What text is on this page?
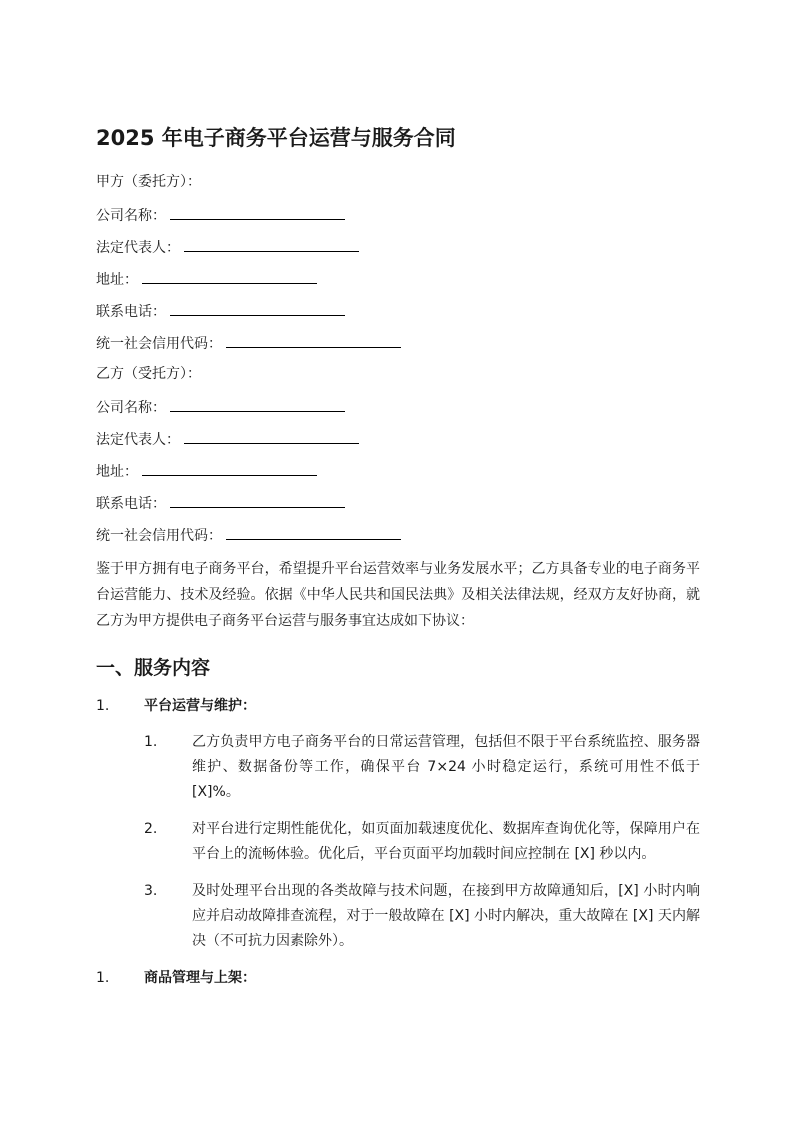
2025 年电子商务平台运营与服务合同
甲方（委托方）：
公司名称：
法定代表人：
地址：
联系电话：
统一社会信用代码：
乙方（受托方）：
公司名称：
法定代表人：
地址：
联系电话：
统一社会信用代码：

鉴于甲方拥有电子商务平台，希望提升平台运营效率与业务发展水平；乙方具备专业的电子商务平台运营能力、技术及经验。依据《中华人民共和国民法典》及相关法律法规，经双方友好协商，就乙方为甲方提供电子商务平台运营与服务事宜达成如下协议：

一、服务内容
1. 平台运营与维护：
1. 乙方负责甲方电子商务平台的日常运营管理，包括但不限于平台系统监控、服务器维护、数据备份等工作，确保平台 7×24 小时稳定运行，系统可用性不低于 [X]%。
2. 对平台进行定期性能优化，如页面加载速度优化、数据库查询优化等，保障用户在平台上的流畅体验。优化后，平台页面平均加载时间应控制在 [X] 秒以内。
3. 及时处理平台出现的各类故障与技术问题，在接到甲方故障通知后，[X] 小时内响应并启动故障排查流程，对于一般故障在 [X] 小时内解决，重大故障在 [X] 天内解决（不可抗力因素除外）。
1. 商品管理与上架：
